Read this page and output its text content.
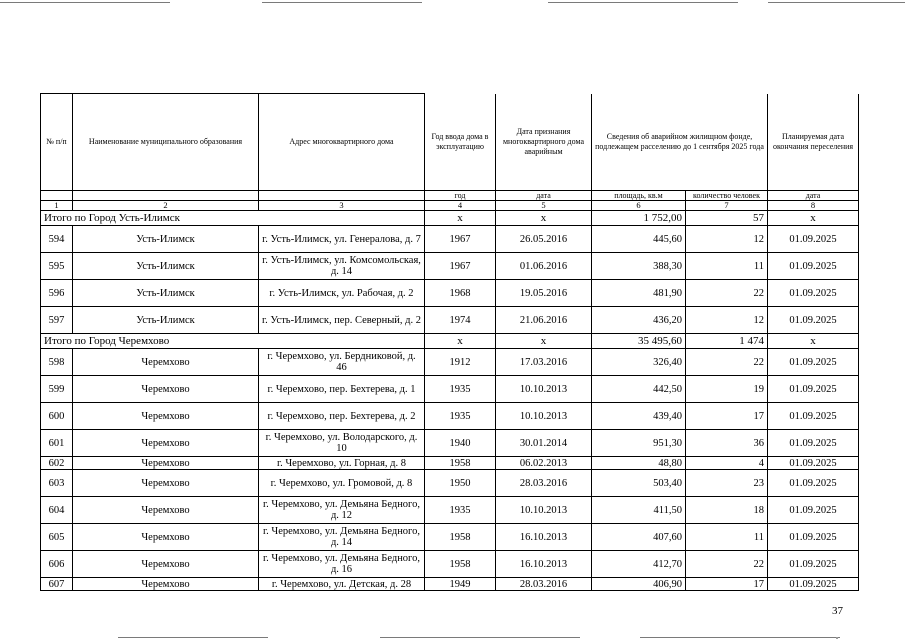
№ п/п	Наименование муниципального образования	Адрес многоквартирного дома	Год ввода дома в эксплуатацию	Дата признания многоквартирного дома аварийным	Сведения об аварийном жилищном фонде, подлежащем расселению до 1 сентября 2025 года		Планируемая дата окончания переселения

			год	дата	площадь, кв.м	количество человек	дата
1	2	3	4	5	6	7	8
Итого по Город Усть-Илимск			x	x	1 752,00	57	x
594	Усть-Илимск	г. Усть-Илимск, ул. Генералова, д. 7	1967	26.05.2016	445,60	12	01.09.2025
595	Усть-Илимск	г. Усть-Илимск, ул. Комсомольская, д. 14	1967	01.06.2016	388,30	11	01.09.2025
596	Усть-Илимск	г. Усть-Илимск, ул. Рабочая, д. 2	1968	19.05.2016	481,90	22	01.09.2025
597	Усть-Илимск	г. Усть-Илимск, пер. Северный, д. 2	1974	21.06.2016	436,20	12	01.09.2025
Итого по Город Черемхово			x	x	35 495,60	1 474	x
598	Черемхово	г. Черемхово, ул. Бердниковой, д. 46	1912	17.03.2016	326,40	22	01.09.2025
599	Черемхово	г. Черемхово, пер. Бехтерева, д. 1	1935	10.10.2013	442,50	19	01.09.2025
600	Черемхово	г. Черемхово, пер. Бехтерева, д. 2	1935	10.10.2013	439,40	17	01.09.2025
601	Черемхово	г. Черемхово, ул. Володарского, д. 10	1940	30.01.2014	951,30	36	01.09.2025
602	Черемхово	г. Черемхово, ул. Горная, д. 8	1958	06.02.2013	48,80	4	01.09.2025
603	Черемхово	г. Черемхово, ул. Громовой, д. 8	1950	28.03.2016	503,40	23	01.09.2025
604	Черемхово	г. Черемхово, ул. Демьяна Бедного, д. 12	1935	10.10.2013	411,50	18	01.09.2025
605	Черемхово	г. Черемхово, ул. Демьяна Бедного, д. 14	1958	16.10.2013	407,60	11	01.09.2025
606	Черемхово	г. Черемхово, ул. Демьяна Бедного, д. 16	1958	16.10.2013	412,70	22	01.09.2025
607	Черемхово	г. Черемхово, ул. Детская, д. 28	1949	28.03.2016	406,90	17	01.09.2025
37
